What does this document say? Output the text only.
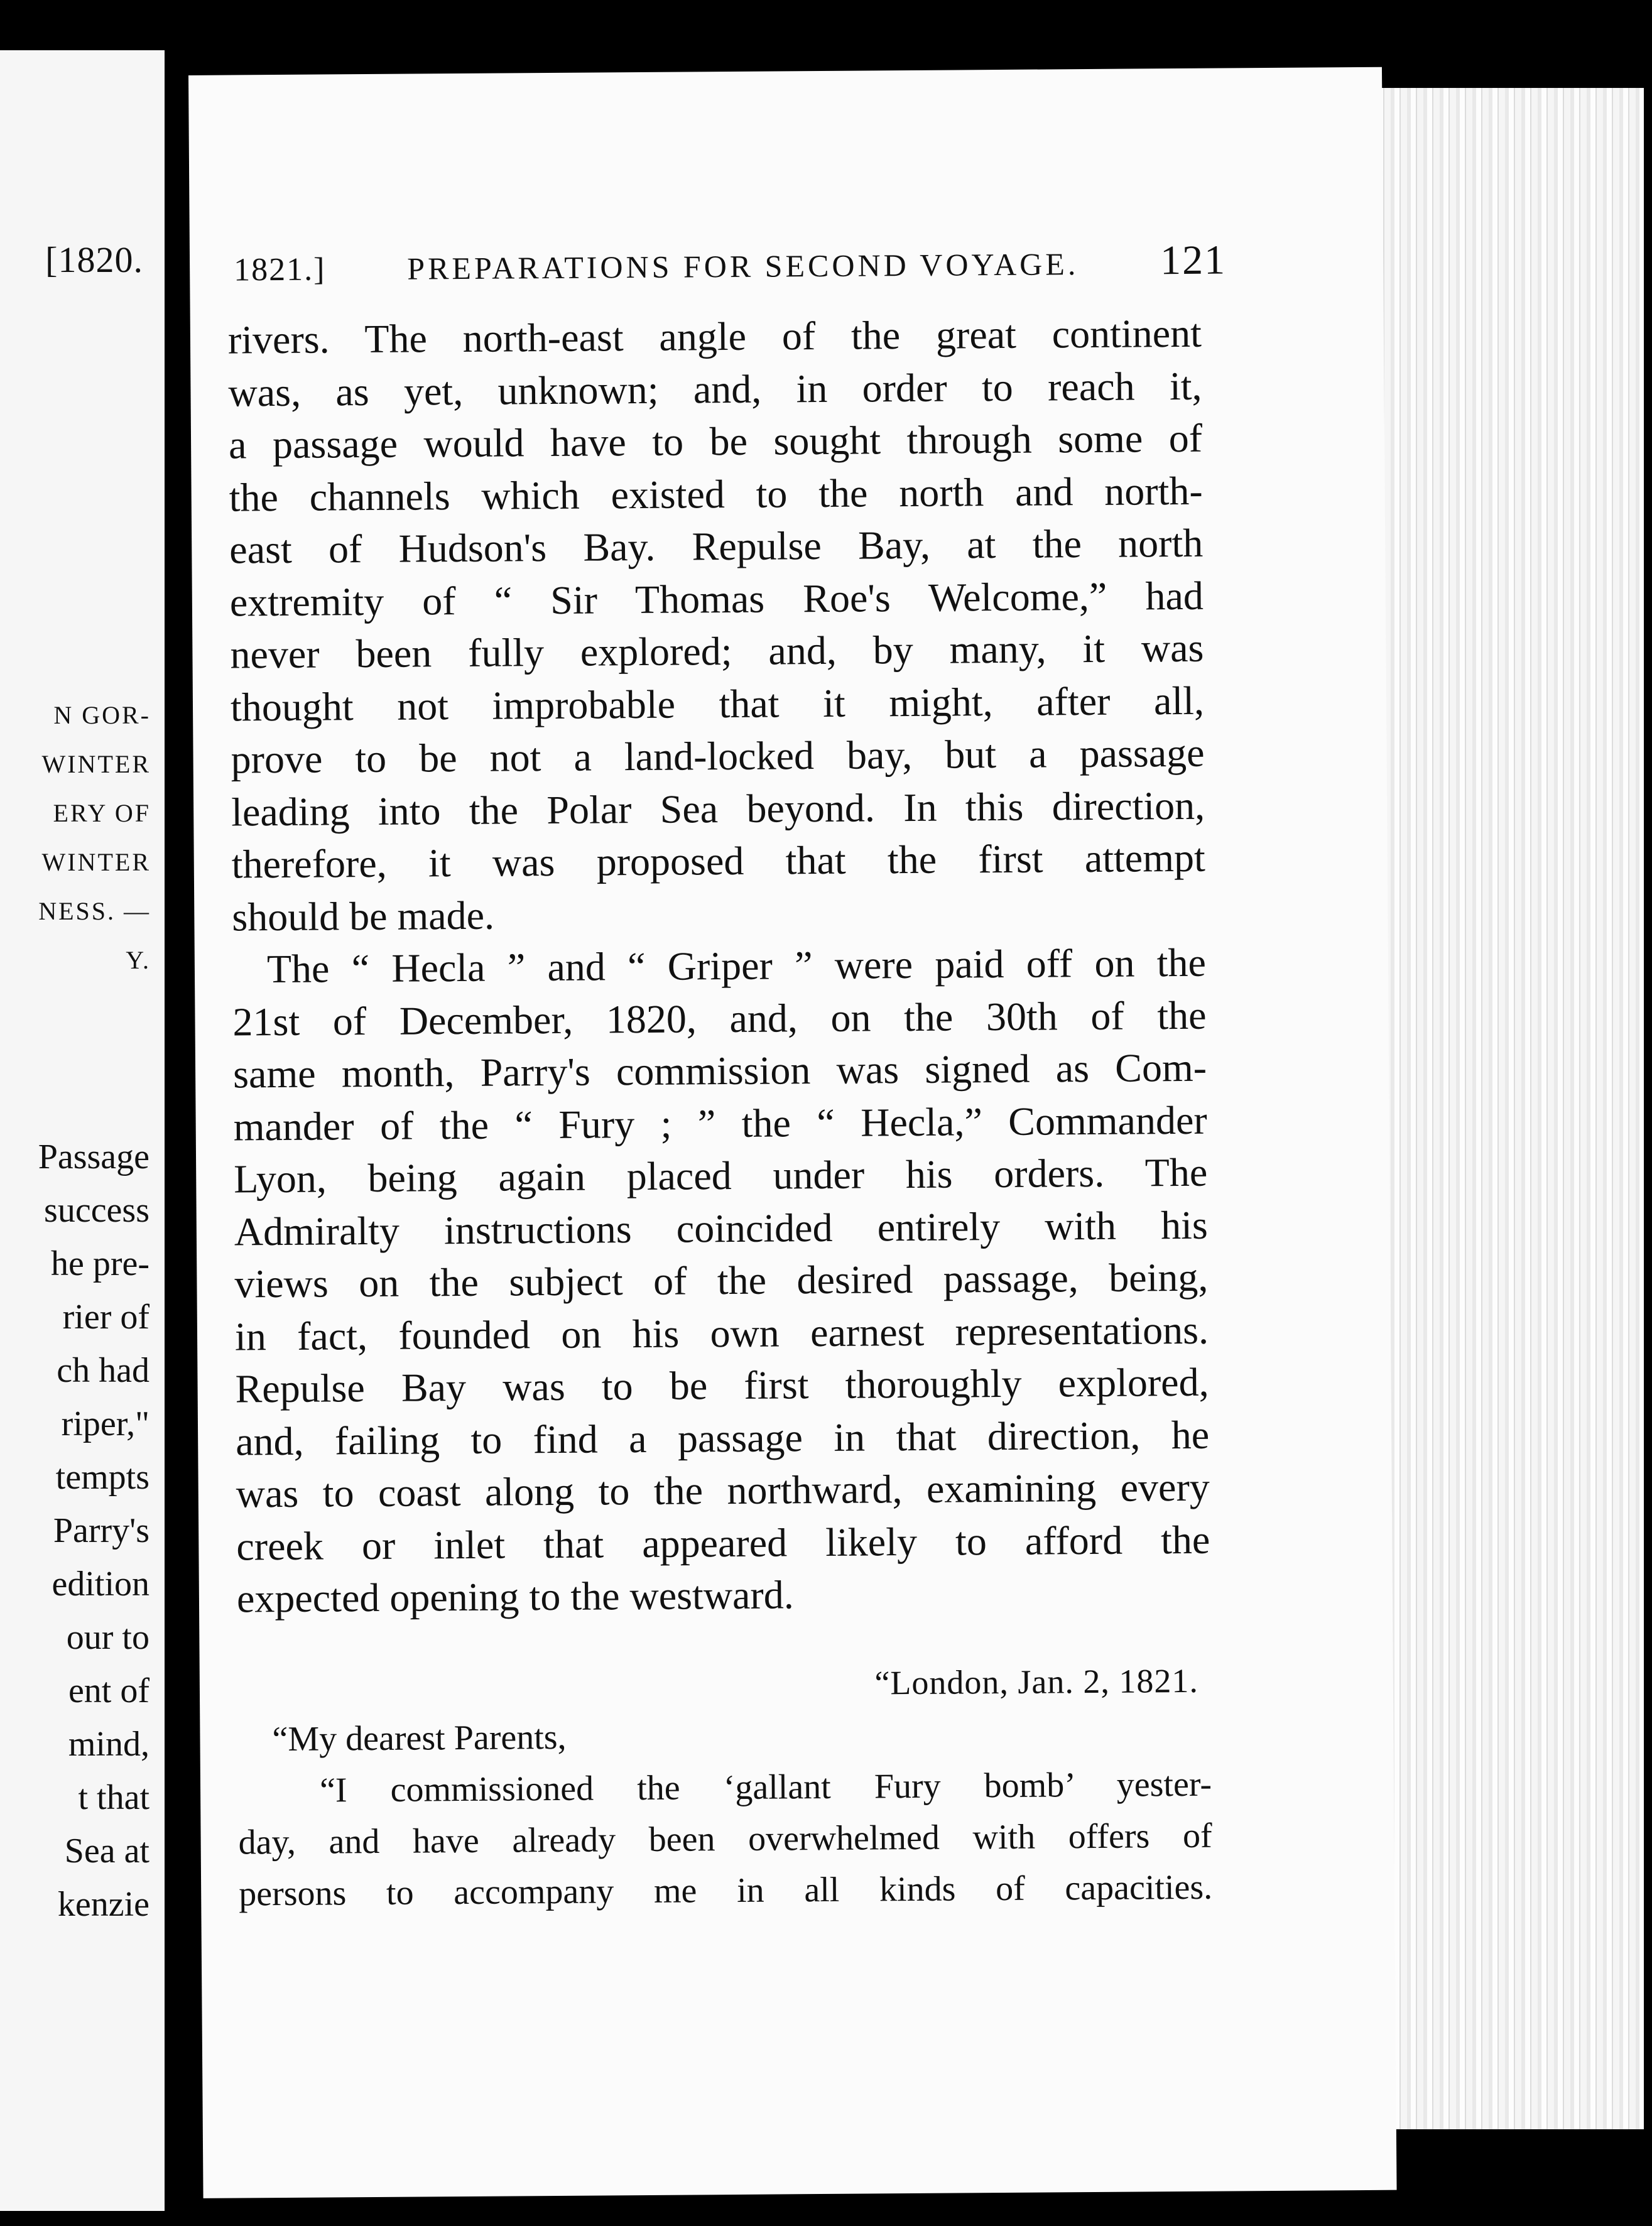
[1820.
N GOR-
WINTER
ERY OF
WINTER
NESS. —
Y.
Passage
success
he pre-
rier of
ch had
riper,"
tempts
Parry's
edition
our to
ent of
mind,
t that
Sea at
kenzie
1821.]	PREPARATIONS FOR SECOND VOYAGE.	121
rivers. The north-east angle of the great continent
was, as yet, unknown; and, in order to reach it,
a passage would have to be sought through some of
the channels which existed to the north and north-
east of Hudson's Bay. Repulse Bay, at the north
extremity of “ Sir Thomas Roe's Welcome,” had
never been fully explored; and, by many, it was
thought not improbable that it might, after all,
prove to be not a land-locked bay, but a passage
leading into the Polar Sea beyond. In this direction,
therefore, it was proposed that the first attempt
should be made.
The “ Hecla ” and “ Griper ” were paid off on the
21st of December, 1820, and, on the 30th of the
same month, Parry's commission was signed as Com-
mander of the “ Fury ; ” the “ Hecla,” Commander
Lyon, being again placed under his orders. The
Admiralty instructions coincided entirely with his
views on the subject of the desired passage, being,
in fact, founded on his own earnest representations.
Repulse Bay was to be first thoroughly explored,
and, failing to find a passage in that direction, he
was to coast along to the northward, examining every
creek or inlet that appeared likely to afford the
expected opening to the westward.
“London, Jan. 2, 1821.
“My dearest Parents,
“I commissioned the ‘gallant Fury bomb’ yester-
day, and have already been overwhelmed with offers of
persons to accompany me in all kinds of capacities.
